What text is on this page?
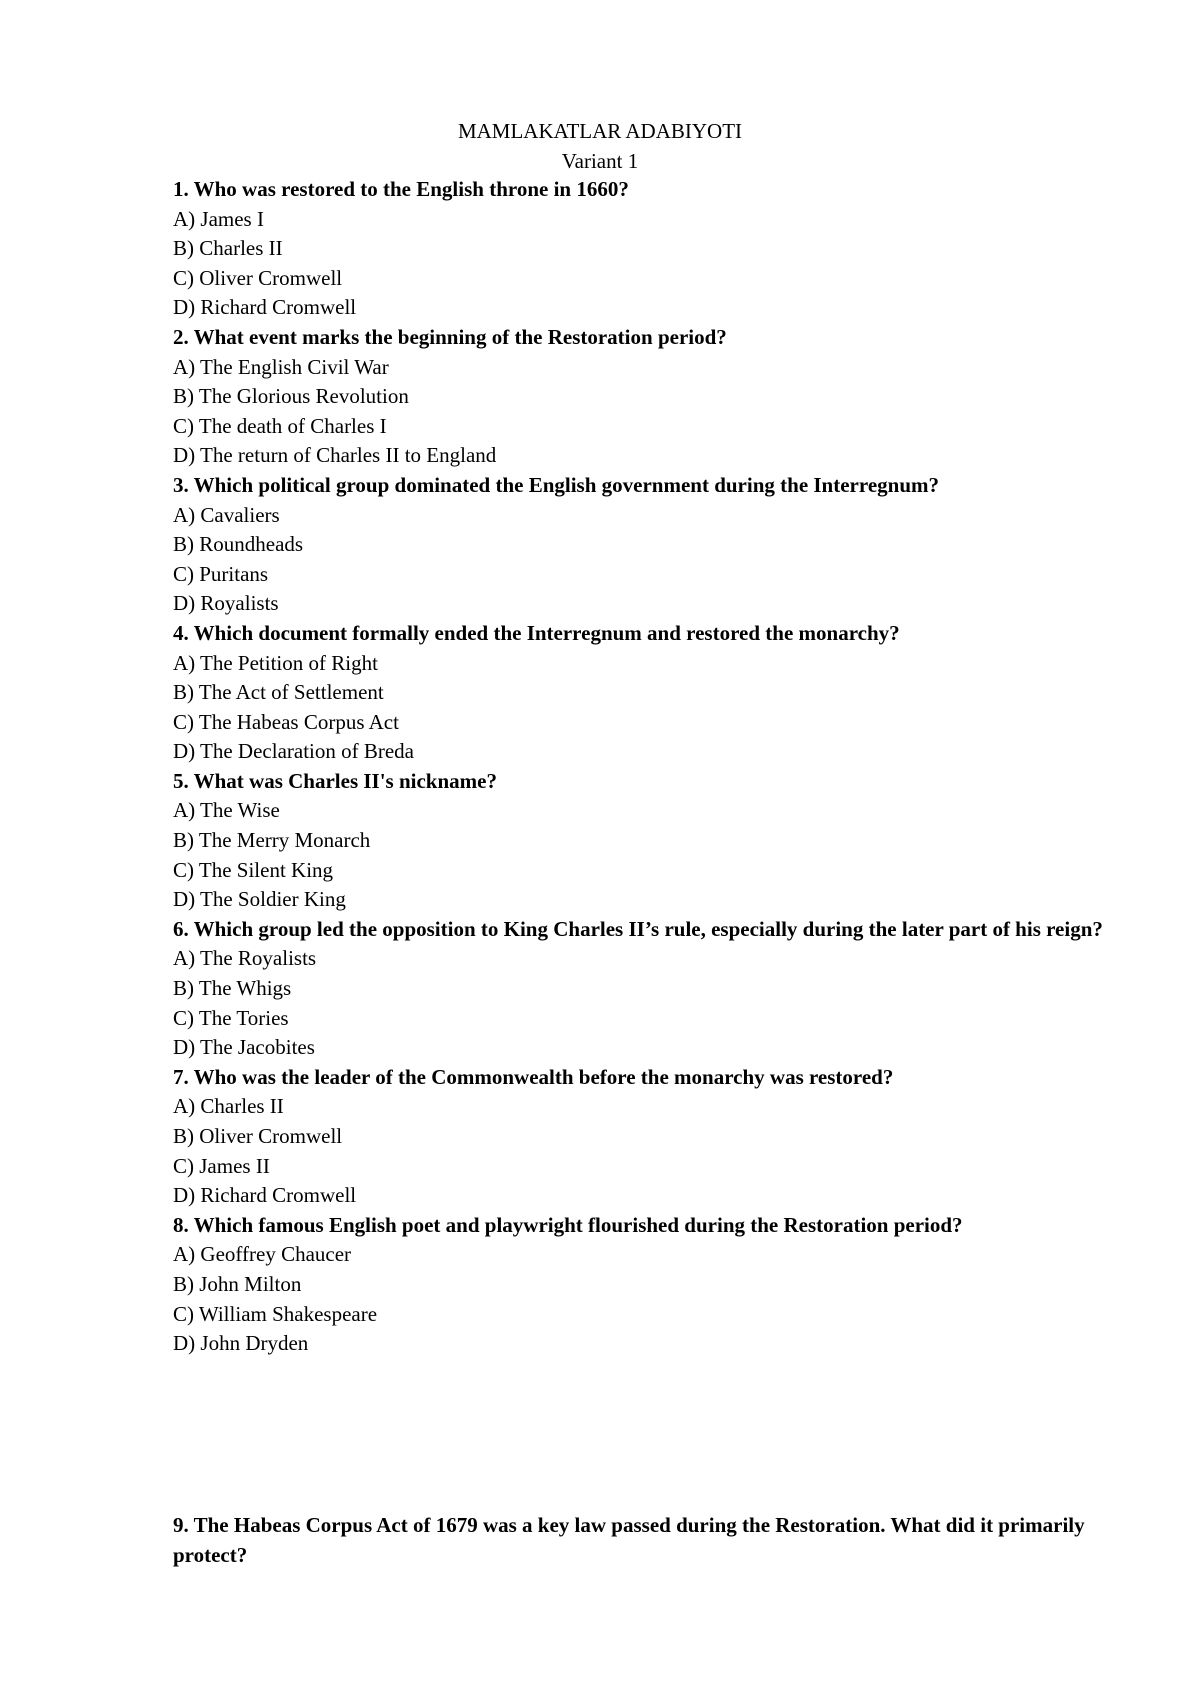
MAMLAKATLAR ADABIYOTI
Variant 1
1. Who was restored to the English throne in 1660?
A) James I
B) Charles II
C) Oliver Cromwell
D) Richard Cromwell
2. What event marks the beginning of the Restoration period?
A) The English Civil War
B) The Glorious Revolution
C) The death of Charles I
D) The return of Charles II to England
3. Which political group dominated the English government during the Interregnum?
A) Cavaliers
B) Roundheads
C) Puritans
D) Royalists
4. Which document formally ended the Interregnum and restored the monarchy?
A) The Petition of Right
B) The Act of Settlement
C) The Habeas Corpus Act
D) The Declaration of Breda
5. What was Charles II's nickname?
A) The Wise
B) The Merry Monarch
C) The Silent King
D) The Soldier King
6. Which group led the opposition to King Charles II’s rule, especially during the later part of his reign?
A) The Royalists
B) The Whigs
C) The Tories
D) The Jacobites
7. Who was the leader of the Commonwealth before the monarchy was restored?
A) Charles II
B) Oliver Cromwell
C) James II
D) Richard Cromwell
8. Which famous English poet and playwright flourished during the Restoration period?
A) Geoffrey Chaucer
B) John Milton
C) William Shakespeare
D) John Dryden
9. The Habeas Corpus Act of 1679 was a key law passed during the Restoration. What did it primarily protect?
